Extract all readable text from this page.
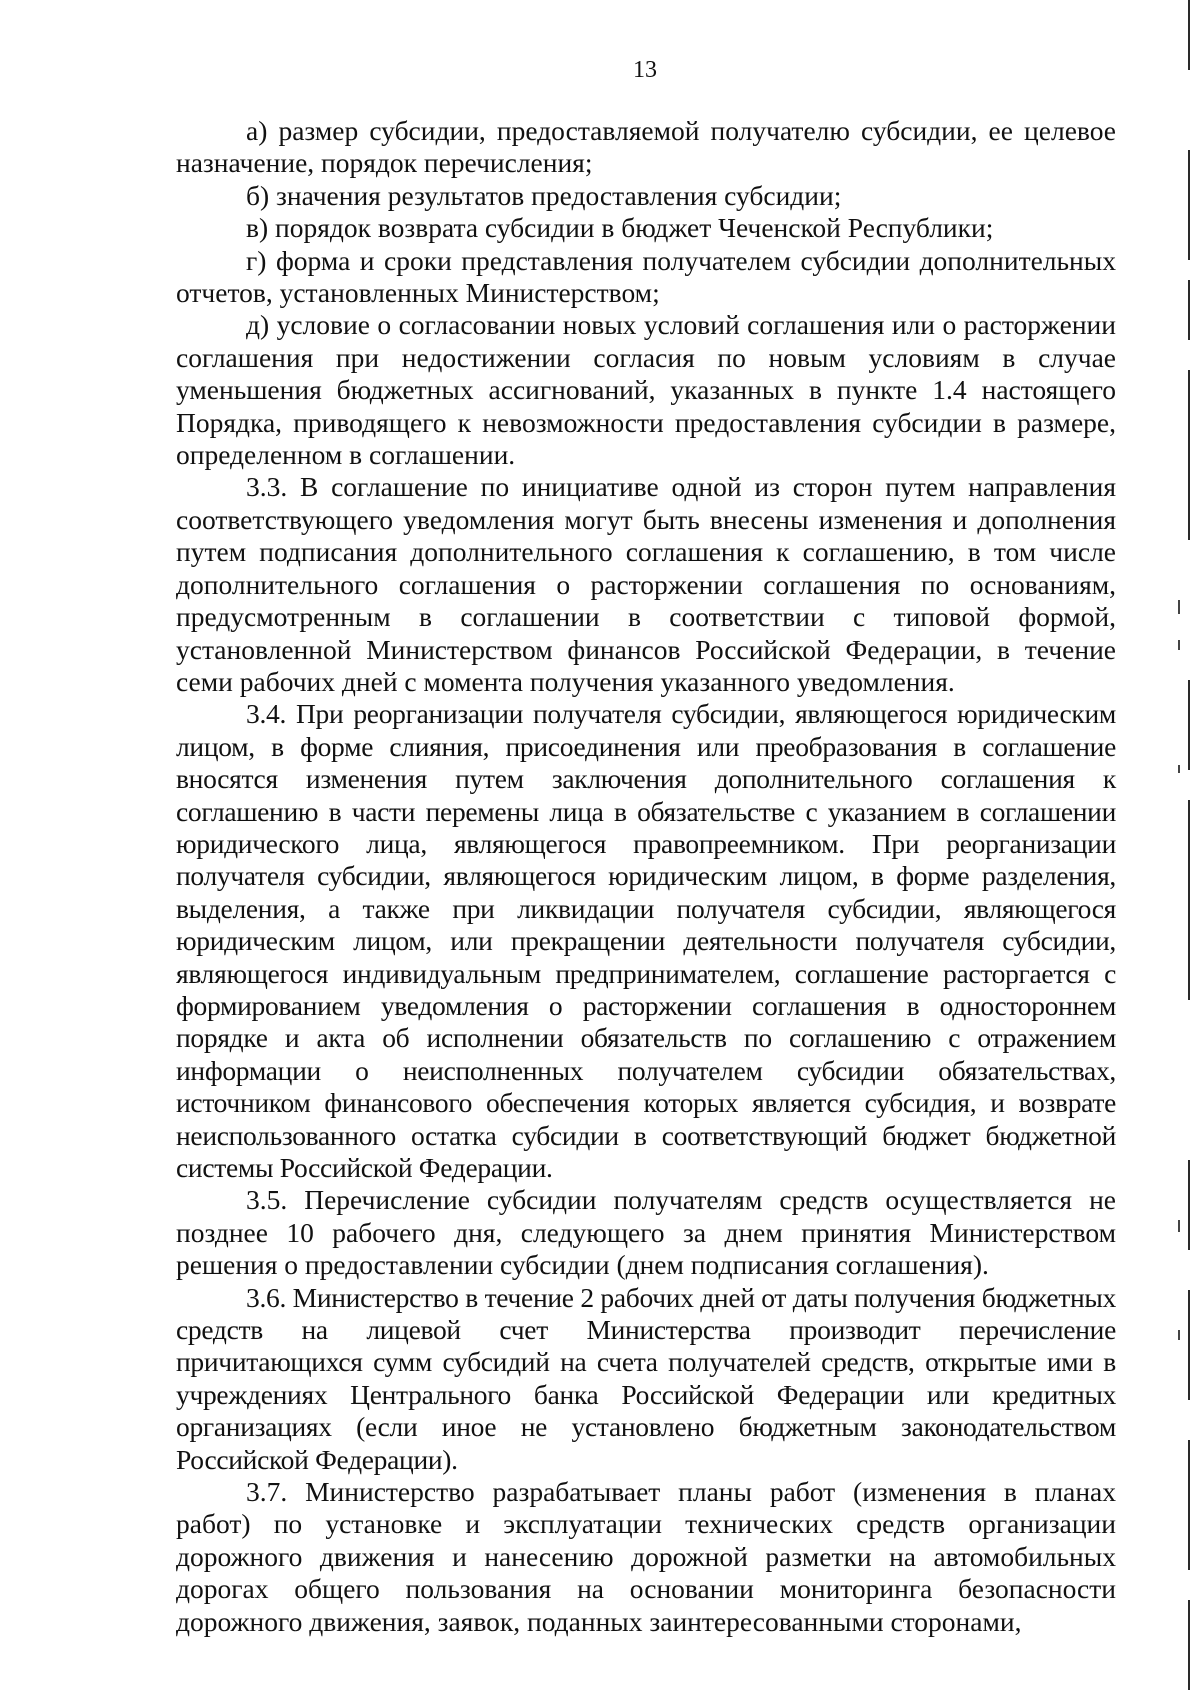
13

а) размер субсидии, предоставляемой получателю субсидии, ее целевое назначение, порядок перечисления;

б) значения результатов предоставления субсидии;

в) порядок возврата субсидии в бюджет Чеченской Республики;

г) форма и сроки представления получателем субсидии дополнительных отчетов, установленных Министерством;

д) условие о согласовании новых условий соглашения или о расторжении соглашения при недостижении согласия по новым условиям в случае уменьшения бюджетных ассигнований, указанных в пункте 1.4 настоящего Порядка, приводящего к невозможности предоставления субсидии в размере, определенном в соглашении.

3.3. В соглашение по инициативе одной из сторон путем направления соответствующего уведомления могут быть внесены изменения и дополнения путем подписания дополнительного соглашения к соглашению, в том числе дополнительного соглашения о расторжении соглашения по основаниям, предусмотренным в соглашении в соответствии с типовой формой, установленной Министерством финансов Российской Федерации, в течение семи рабочих дней с момента получения указанного уведомления.

3.4. При реорганизации получателя субсидии, являющегося юридическим лицом, в форме слияния, присоединения или преобразования в соглашение вносятся изменения путем заключения дополнительного соглашения к соглашению в части перемены лица в обязательстве с указанием в соглашении юридического лица, являющегося правопреемником. При реорганизации получателя субсидии, являющегося юридическим лицом, в форме разделения, выделения, а также при ликвидации получателя субсидии, являющегося юридическим лицом, или прекращении деятельности получателя субсидии, являющегося индивидуальным предпринимателем, соглашение расторгается с формированием уведомления о расторжении соглашения в одностороннем порядке и акта об исполнении обязательств по соглашению с отражением информации о неисполненных получателем субсидии обязательствах, источником финансового обеспечения которых является субсидия, и возврате неиспользованного остатка субсидии в соответствующий бюджет бюджетной системы Российской Федерации.

3.5. Перечисление субсидии получателям средств осуществляется не позднее 10 рабочего дня, следующего за днем принятия Министерством решения о предоставлении субсидии (днем подписания соглашения).

3.6. Министерство в течение 2 рабочих дней от даты получения бюджетных средств на лицевой счет Министерства производит перечисление причитающихся сумм субсидий на счета получателей средств, открытые ими в учреждениях Центрального банка Российской Федерации или кредитных организациях (если иное не установлено бюджетным законодательством Российской Федерации).

3.7. Министерство разрабатывает планы работ (изменения в планах работ) по установке и эксплуатации технических средств организации дорожного движения и нанесению дорожной разметки на автомобильных дорогах общего пользования на основании мониторинга безопасности дорожного движения, заявок, поданных заинтересованными сторонами,
